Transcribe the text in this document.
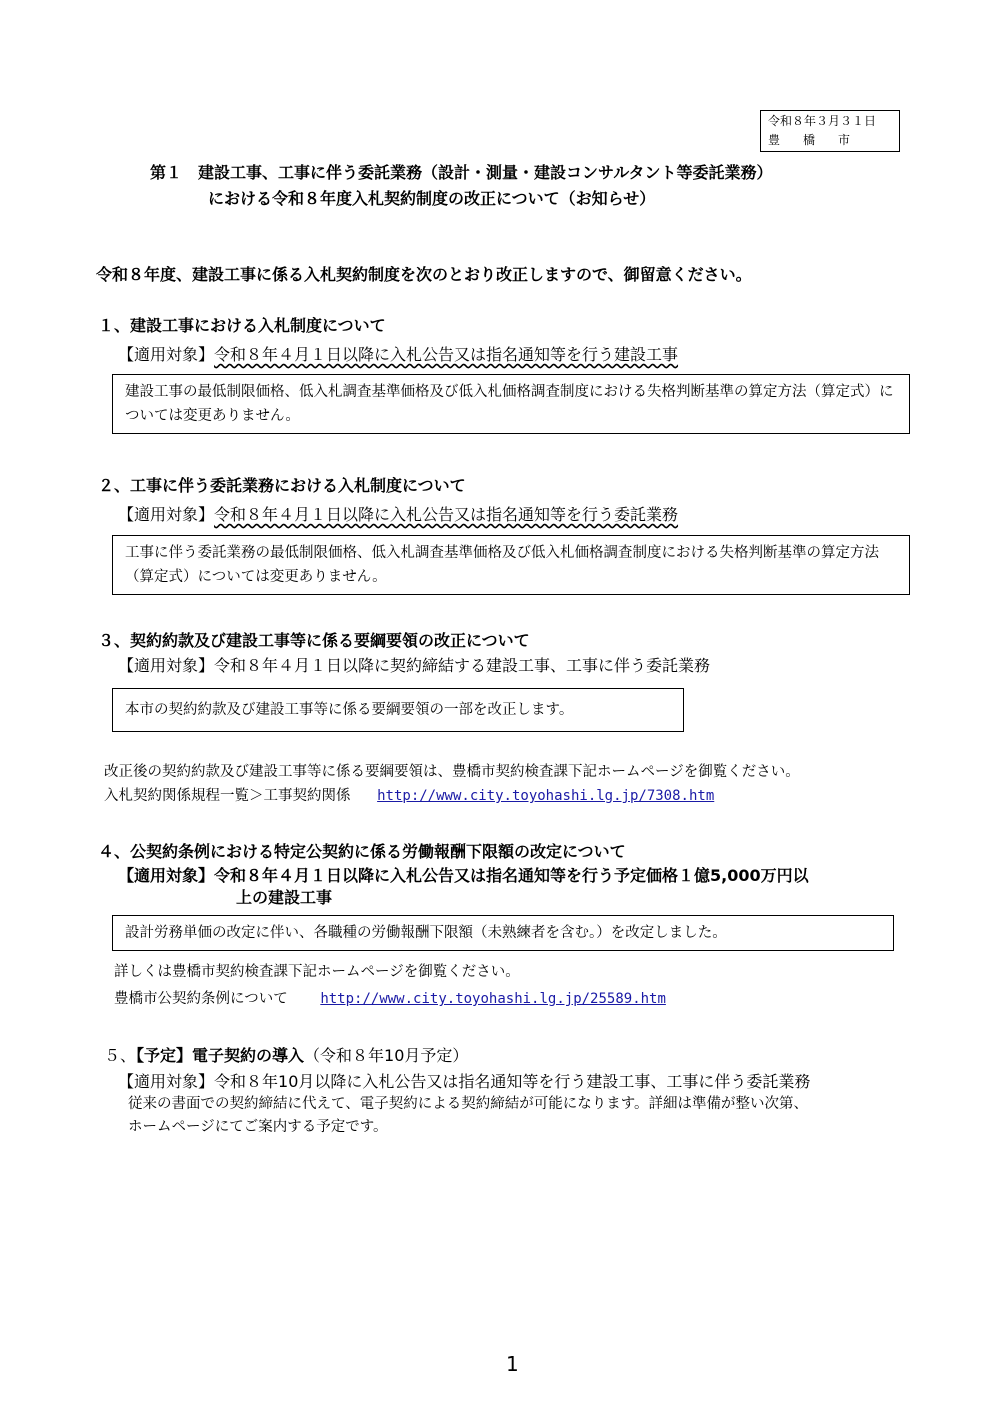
令和８年３月３１日
豊橋市
第１　建設工事、工事に伴う委託業務（設計・測量・建設コンサルタント等委託業務）
における令和８年度入札契約制度の改正について（お知らせ）
令和８年度、建設工事に係る入札契約制度を次のとおり改正しますので、御留意ください。
１、建設工事における入札制度について
【適用対象】令和８年４月１日以降に入札公告又は指名通知等を行う建設工事
建設工事の最低制限価格、低入札調査基準価格及び低入札価格調査制度における失格判断基準の算定方法（算定式）については変更ありません。
２、工事に伴う委託業務における入札制度について
【適用対象】令和８年４月１日以降に入札公告又は指名通知等を行う委託業務
工事に伴う委託業務の最低制限価格、低入札調査基準価格及び低入札価格調査制度における失格判断基準の算定方法（算定式）については変更ありません。
３、契約約款及び建設工事等に係る要綱要領の改正について
【適用対象】令和８年４月１日以降に契約締結する建設工事、工事に伴う委託業務
本市の契約約款及び建設工事等に係る要綱要領の一部を改正します。
改正後の契約約款及び建設工事等に係る要綱要領は、豊橋市契約検査課下記ホームページを御覧ください。
入札契約関係規程一覧＞工事契約関係 http://www.city.toyohashi.lg.jp/7308.htm
４、公契約条例における特定公契約に係る労働報酬下限額の改定について
【適用対象】令和８年４月１日以降に入札公告又は指名通知等を行う予定価格１億5,000万円以
上の建設工事
設計労務単価の改定に伴い、各職種の労働報酬下限額（未熟練者を含む。）を改定しました。
詳しくは豊橋市契約検査課下記ホームページを御覧ください。
豊橋市公契約条例について http://www.city.toyohashi.lg.jp/25589.htm
５、【予定】電子契約の導入（令和８年10月予定）
【適用対象】令和８年10月以降に入札公告又は指名通知等を行う建設工事、工事に伴う委託業務
従来の書面での契約締結に代えて、電子契約による契約締結が可能になります。詳細は準備が整い次第、
ホームページにてご案内する予定です。
1
